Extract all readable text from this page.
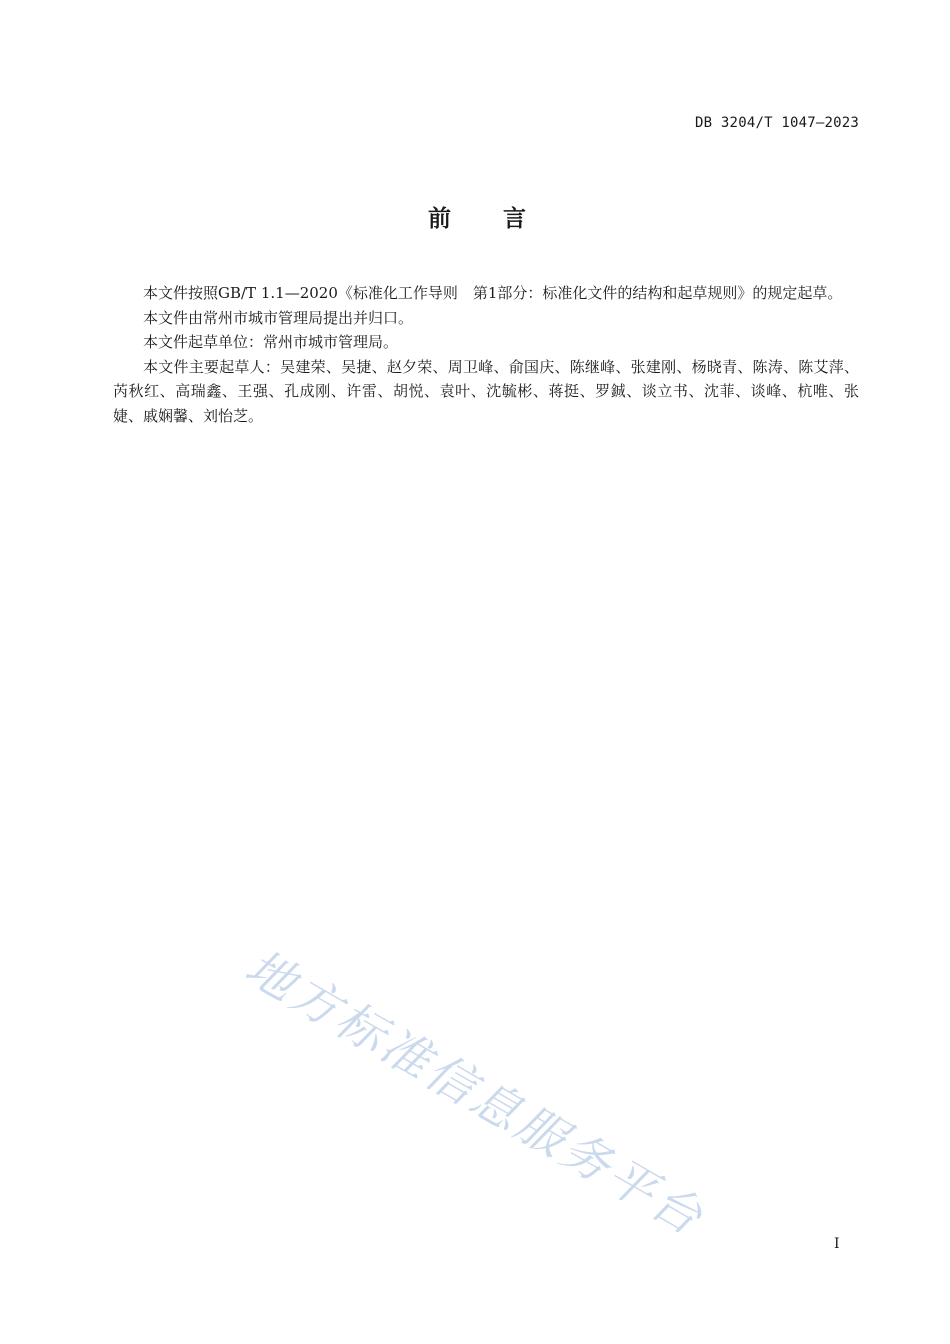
DB 3204/T 1047—2023
前言

本文件按照GB/T 1.1—2020《标准化工作导则　第1部分：标准化文件的结构和起草规则》的规定起草。

本文件由常州市城市管理局提出并归口。

本文件起草单位：常州市城市管理局。

本文件主要起草人：吴建荣、吴捷、赵夕荣、周卫峰、俞国庆、陈继峰、张建刚、杨晓青、陈涛、陈艾萍、芮秋红、高瑞鑫、王强、孔成刚、许雷、胡悦、袁叶、沈毓彬、蒋挺、罗鋮、谈立书、沈菲、谈峰、杭唯、张婕、戚娴馨、刘怡芝。

地方标准信息服务平台	I
